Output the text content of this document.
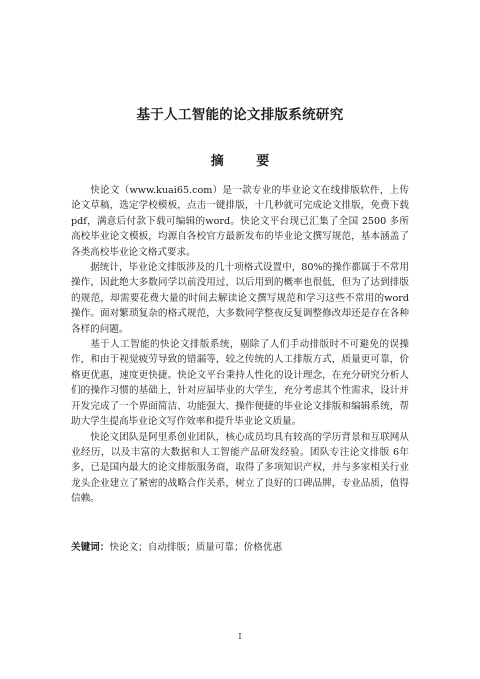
基于人工智能的论文排版系统研究
摘 要

快论文（www.kuai65.com）是一款专业的毕业论文在线排版软件，上传论文草稿，选定学校模板，点击一键排版，十几秒就可完成论文排版，免费下载pdf，满意后付款下载可编辑的word。快论文平台现已汇集了全国 2500 多所高校毕业论文模板，均源自各校官方最新发布的毕业论文撰写规范，基本涵盖了各类高校毕业论文格式要求。

据统计，毕业论文排版涉及的几十项格式设置中，80%的操作都属于不常用操作，因此绝大多数同学以前没用过，以后用到的概率也很低，但为了达到排版的规范，却需要花费大量的时间去解读论文撰写规范和学习这些不常用的word 操作。面对繁琐复杂的格式规范，大多数同学整夜反复调整修改却还是存在各种各样的问题。

基于人工智能的快论文排版系统，剔除了人们手动排版时不可避免的误操作，和由于视觉疲劳导致的错漏等，较之传统的人工排版方式，质量更可靠，价格更优惠，速度更快捷。快论文平台秉持人性化的设计理念，在充分研究分析人们的操作习惯的基础上，针对应届毕业的大学生，充分考虑其个性需求，设计并开发完成了一个界面简洁、功能强大、操作便捷的毕业论文排版和编辑系统，帮助大学生提高毕业论文写作效率和提升毕业论文质量。

快论文团队是阿里系创业团队，核心成员均具有较高的学历背景和互联网从业经历，以及丰富的大数据和人工智能产品研发经验。团队专注论文排版 6年多，已是国内最大的论文排版服务商，取得了多项知识产权，并与多家相关行业龙头企业建立了紧密的战略合作关系，树立了良好的口碑品牌，专业品质，值得信赖。

关键词：快论文；自动排版；质量可靠；价格优惠
I
